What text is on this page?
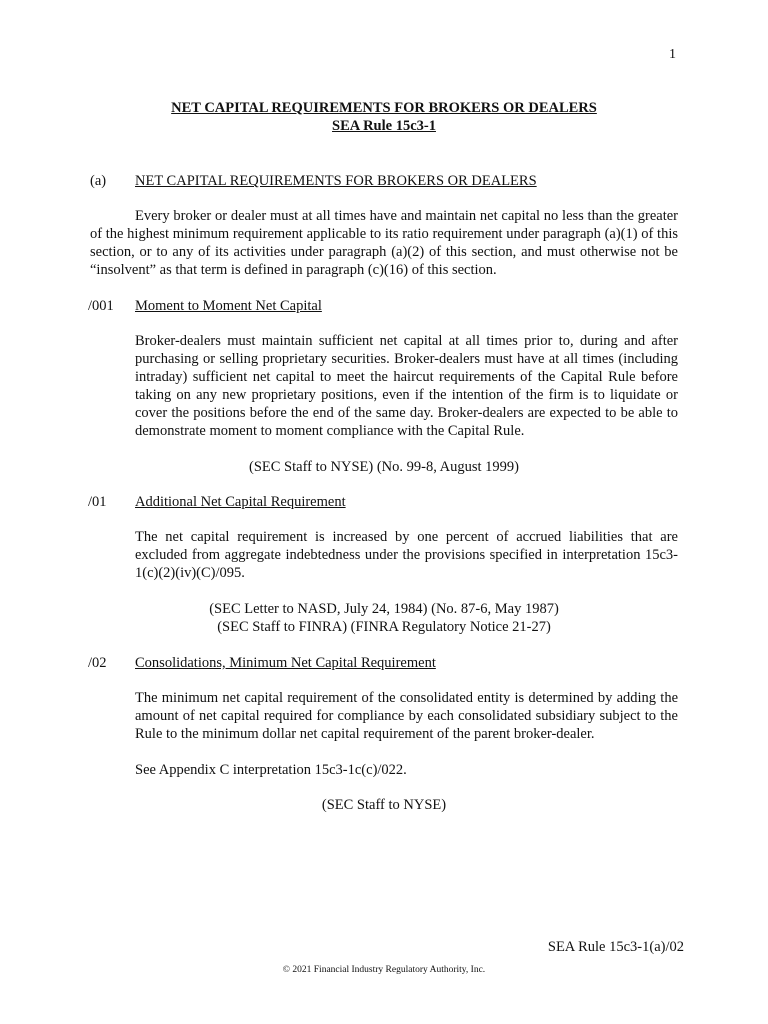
1
NET CAPITAL REQUIREMENTS FOR BROKERS OR DEALERS
SEA Rule 15c3-1
(a) NET CAPITAL REQUIREMENTS FOR BROKERS OR DEALERS
Every broker or dealer must at all times have and maintain net capital no less than the greater of the highest minimum requirement applicable to its ratio requirement under paragraph (a)(1) of this section, or to any of its activities under paragraph (a)(2) of this section, and must otherwise not be “insolvent” as that term is defined in paragraph (c)(16) of this section.
/001 Moment to Moment Net Capital
Broker-dealers must maintain sufficient net capital at all times prior to, during and after purchasing or selling proprietary securities. Broker-dealers must have at all times (including intraday) sufficient net capital to meet the haircut requirements of the Capital Rule before taking on any new proprietary positions, even if the intention of the firm is to liquidate or cover the positions before the end of the same day. Broker-dealers are expected to be able to demonstrate moment to moment compliance with the Capital Rule.
(SEC Staff to NYSE) (No. 99-8, August 1999)
/01 Additional Net Capital Requirement
The net capital requirement is increased by one percent of accrued liabilities that are excluded from aggregate indebtedness under the provisions specified in interpretation 15c3-1(c)(2)(iv)(C)/095.
(SEC Letter to NASD, July 24, 1984) (No. 87-6, May 1987)
(SEC Staff to FINRA) (FINRA Regulatory Notice 21-27)
/02 Consolidations, Minimum Net Capital Requirement
The minimum net capital requirement of the consolidated entity is determined by adding the amount of net capital required for compliance by each consolidated subsidiary subject to the Rule to the minimum dollar net capital requirement of the parent broker-dealer.
See Appendix C interpretation 15c3-1c(c)/022.
(SEC Staff to NYSE)
SEA Rule 15c3-1(a)/02
© 2021 Financial Industry Regulatory Authority, Inc.
